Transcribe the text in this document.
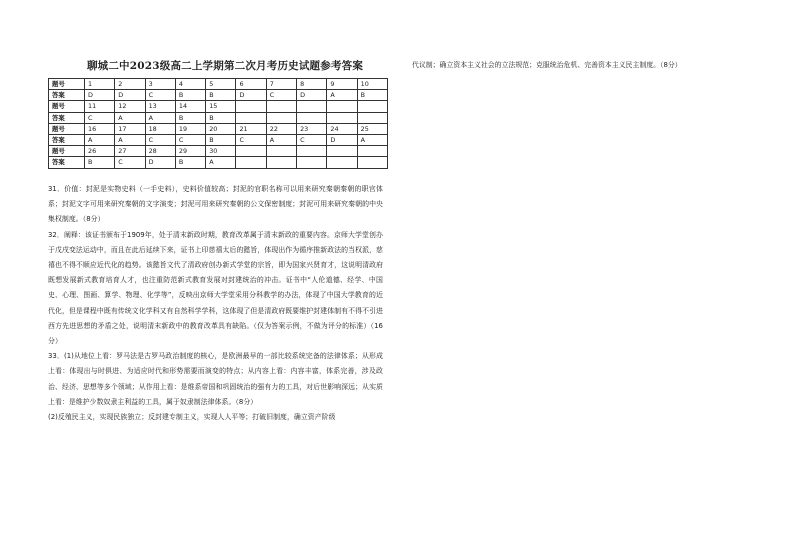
聊城二中2023级高二上学期第二次月考历史试题参考答案
题号	1	2	3	4	5	6	7	8	9	10
答案	D	D	C	B	B	D	C	D	A	B
题号	11	12	13	14	15					
答案	C	A	A	B	B					
题号	16	17	18	19	20	21	22	23	24	25
答案	A	A	C	C	B	C	A	C	D	A
题号	26	27	28	29	30					
答案	B	C	D	B	A					

31．价值：封泥是实物史料（一手史料），史料价值较高；封泥的官职名称可以用来研究秦朝秦朝的职官体系；封泥文字可用来研究秦朝的文字演变；封泥可用来研究秦朝的公文保密制度；封泥可用来研究秦朝的中央集权制度。（8分）

32．阐释：该证书颁布于1909年，处于清末新政时期，教育改革属于清末新政的重要内容。京师大学堂创办于戊戌变法运动中，而且在此后延续下来，证书上印慈禧太后的懿旨，体现出作为循序推新政法的当权派，慈禧也不得不顺应近代化的趋势。该懿旨文代了清政府创办新式学堂的宗旨，即为国家兴贤育才，这说明清政府既想发展新式教育培育人才，也注重防范新式教育发展对封建统治的冲击。证书中“人伦道德、经学、中国史、心理、图画、算学、物理、化学等”，反映出京师大学堂采用分科教学的办法，体现了中国大学教育的近代化，但是课程中既有传统文化学科又有自然科学学科，这体现了但是清政府既要维护封建体制有不得不引进西方先进思想的矛盾之处，说明清末新政中的教育改革具有缺陷。（仅为答案示例，不做为评分的标准）（16分）

33．(1)从地位上看：罗马法是古罗马政治制度的核心，是欧洲最早的一部比较系统完备的法律体系；从形成上看：体现出与时俱进、为适应时代和形势需要而演变的特点；从内容上看：内容丰富，体系完善，涉及政治、经济、思想等多个领域；从作用上看：是维系帝国和巩固统治的强有力的工具，对后世影响深远；从实质上看：是维护少数奴隶主利益的工具，属于奴隶制法律体系。（8分）

(2)反殖民主义，实现民族独立；反封建专制主义，实现人人平等；打破旧制度，确立资产阶级

代议制；确立资本主义社会的立法规范；克服统治危机、完善资本主义民主制度。（8分）
